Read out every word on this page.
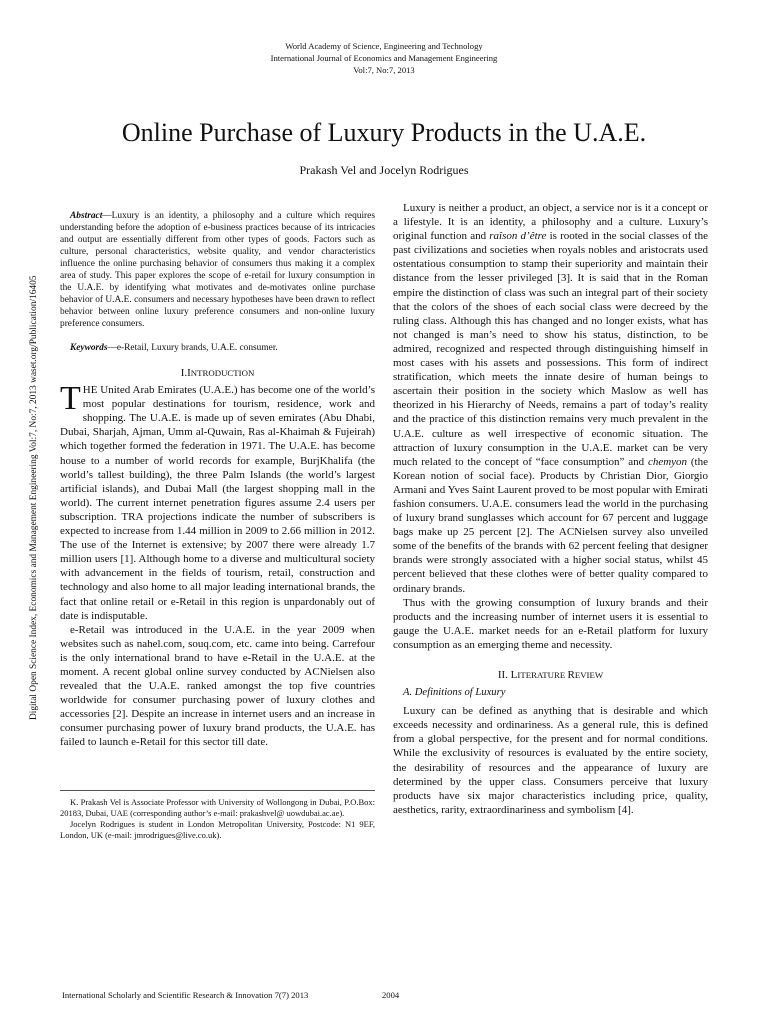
World Academy of Science, Engineering and Technology
International Journal of Economics and Management Engineering
Vol:7, No:7, 2013
Online Purchase of Luxury Products in the U.A.E.
Prakash Vel and Jocelyn Rodrigues
Digital Open Science Index, Economics and Management Engineering Vol:7, No:7, 2013 waset.org/Publication/16405

Abstract—Luxury is an identity, a philosophy and a culture which requires understanding before the adoption of e-business practices because of its intricacies and output are essentially different from other types of goods. Factors such as culture, personal characteristics, website quality, and vendor characteristics influence the online purchasing behavior of consumers thus making it a complex area of study. This paper explores the scope of e-retail for luxury consumption in the U.A.E. by identifying what motivates and de-motivates online purchase behavior of U.A.E. consumers and necessary hypotheses have been drawn to reflect behavior between online luxury preference consumers and non-online luxury preference consumers.

Keywords—e-Retail, Luxury brands, U.A.E. consumer.

I.INTRODUCTION

THE United Arab Emirates (U.A.E.) has become one of the world’s most popular destinations for tourism, residence, work and shopping. The U.A.E. is made up of seven emirates (Abu Dhabi, Dubai, Sharjah, Ajman, Umm al-Quwain, Ras al-Khaimah & Fujeirah) which together formed the federation in 1971. The U.A.E. has become house to a number of world records for example, BurjKhalifa (the world’s tallest building), the three Palm Islands (the world’s largest artificial islands), and Dubai Mall (the largest shopping mall in the world). The current internet penetration figures assume 2.4 users per subscription. TRA projections indicate the number of subscribers is expected to increase from 1.44 million in 2009 to 2.66 million in 2012. The use of the Internet is extensive; by 2007 there were already 1.7 million users [1]. Although home to a diverse and multicultural society with advancement in the fields of tourism, retail, construction and technology and also home to all major leading international brands, the fact that online retail or e-Retail in this region is unpardonably out of date is indisputable.

e-Retail was introduced in the U.A.E. in the year 2009 when websites such as nahel.com, souq.com, etc. came into being. Carrefour is the only international brand to have e-Retail in the U.A.E. at the moment. A recent global online survey conducted by ACNielsen also revealed that the U.A.E. ranked amongst the top five countries worldwide for consumer purchasing power of luxury clothes and accessories [2]. Despite an increase in internet users and an increase in consumer purchasing power of luxury brand products, the U.A.E. has failed to launch e-Retail for this sector till date.

K. Prakash Vel is Associate Professor with University of Wollongong in Dubai, P.O.Box: 20183, Dubai, UAE (corresponding author’s e-mail: prakashvel@ uowdubai.ac.ae).

Jocelyn Rodrigues is student in London Metropolitan University, Postcode: N1 9EF, London, UK (e-mail: jmrodrigues@live.co.uk).

Luxury is neither a product, an object, a service nor is it a concept or a lifestyle. It is an identity, a philosophy and a culture. Luxury’s original function and raîson d’être is rooted in the social classes of the past civilizations and societies when royals nobles and aristocrats used ostentatious consumption to stamp their superiority and maintain their distance from the lesser privileged [3]. It is said that in the Roman empire the distinction of class was such an integral part of their society that the colors of the shoes of each social class were decreed by the ruling class. Although this has changed and no longer exists, what has not changed is man’s need to show his status, distinction, to be admired, recognized and respected through distinguishing himself in most cases with his assets and possessions. This form of indirect stratification, which meets the innate desire of human beings to ascertain their position in the society which Maslow as well has theorized in his Hierarchy of Needs, remains a part of today’s reality and the practice of this distinction remains very much prevalent in the U.A.E. culture as well irrespective of economic situation. The attraction of luxury consumption in the U.A.E. market can be very much related to the concept of “face consumption” and chemyon (the Korean notion of social face). Products by Christian Dior, Giorgio Armani and Yves Saint Laurent proved to be most popular with Emirati fashion consumers. U.A.E. consumers lead the world in the purchasing of luxury brand sunglasses which account for 67 percent and luggage bags make up 25 percent [2]. The ACNielsen survey also unveiled some of the benefits of the brands with 62 percent feeling that designer brands were strongly associated with a higher social status, whilst 45 percent believed that these clothes were of better quality compared to ordinary brands.

Thus with the growing consumption of luxury brands and their products and the increasing number of internet users it is essential to gauge the U.A.E. market needs for an e-Retail platform for luxury consumption as an emerging theme and necessity.

II. LITERATURE REVIEW
A. Definitions of Luxury

Luxury can be defined as anything that is desirable and which exceeds necessity and ordinariness. As a general rule, this is defined from a global perspective, for the present and for normal conditions. While the exclusivity of resources is evaluated by the entire society, the desirability of resources and the appearance of luxury are determined by the upper class. Consumers perceive that luxury products have six major characteristics including price, quality, aesthetics, rarity, extraordinariness and symbolism [4].

International Scholarly and Scientific Research & Innovation 7(7) 2013	2004
